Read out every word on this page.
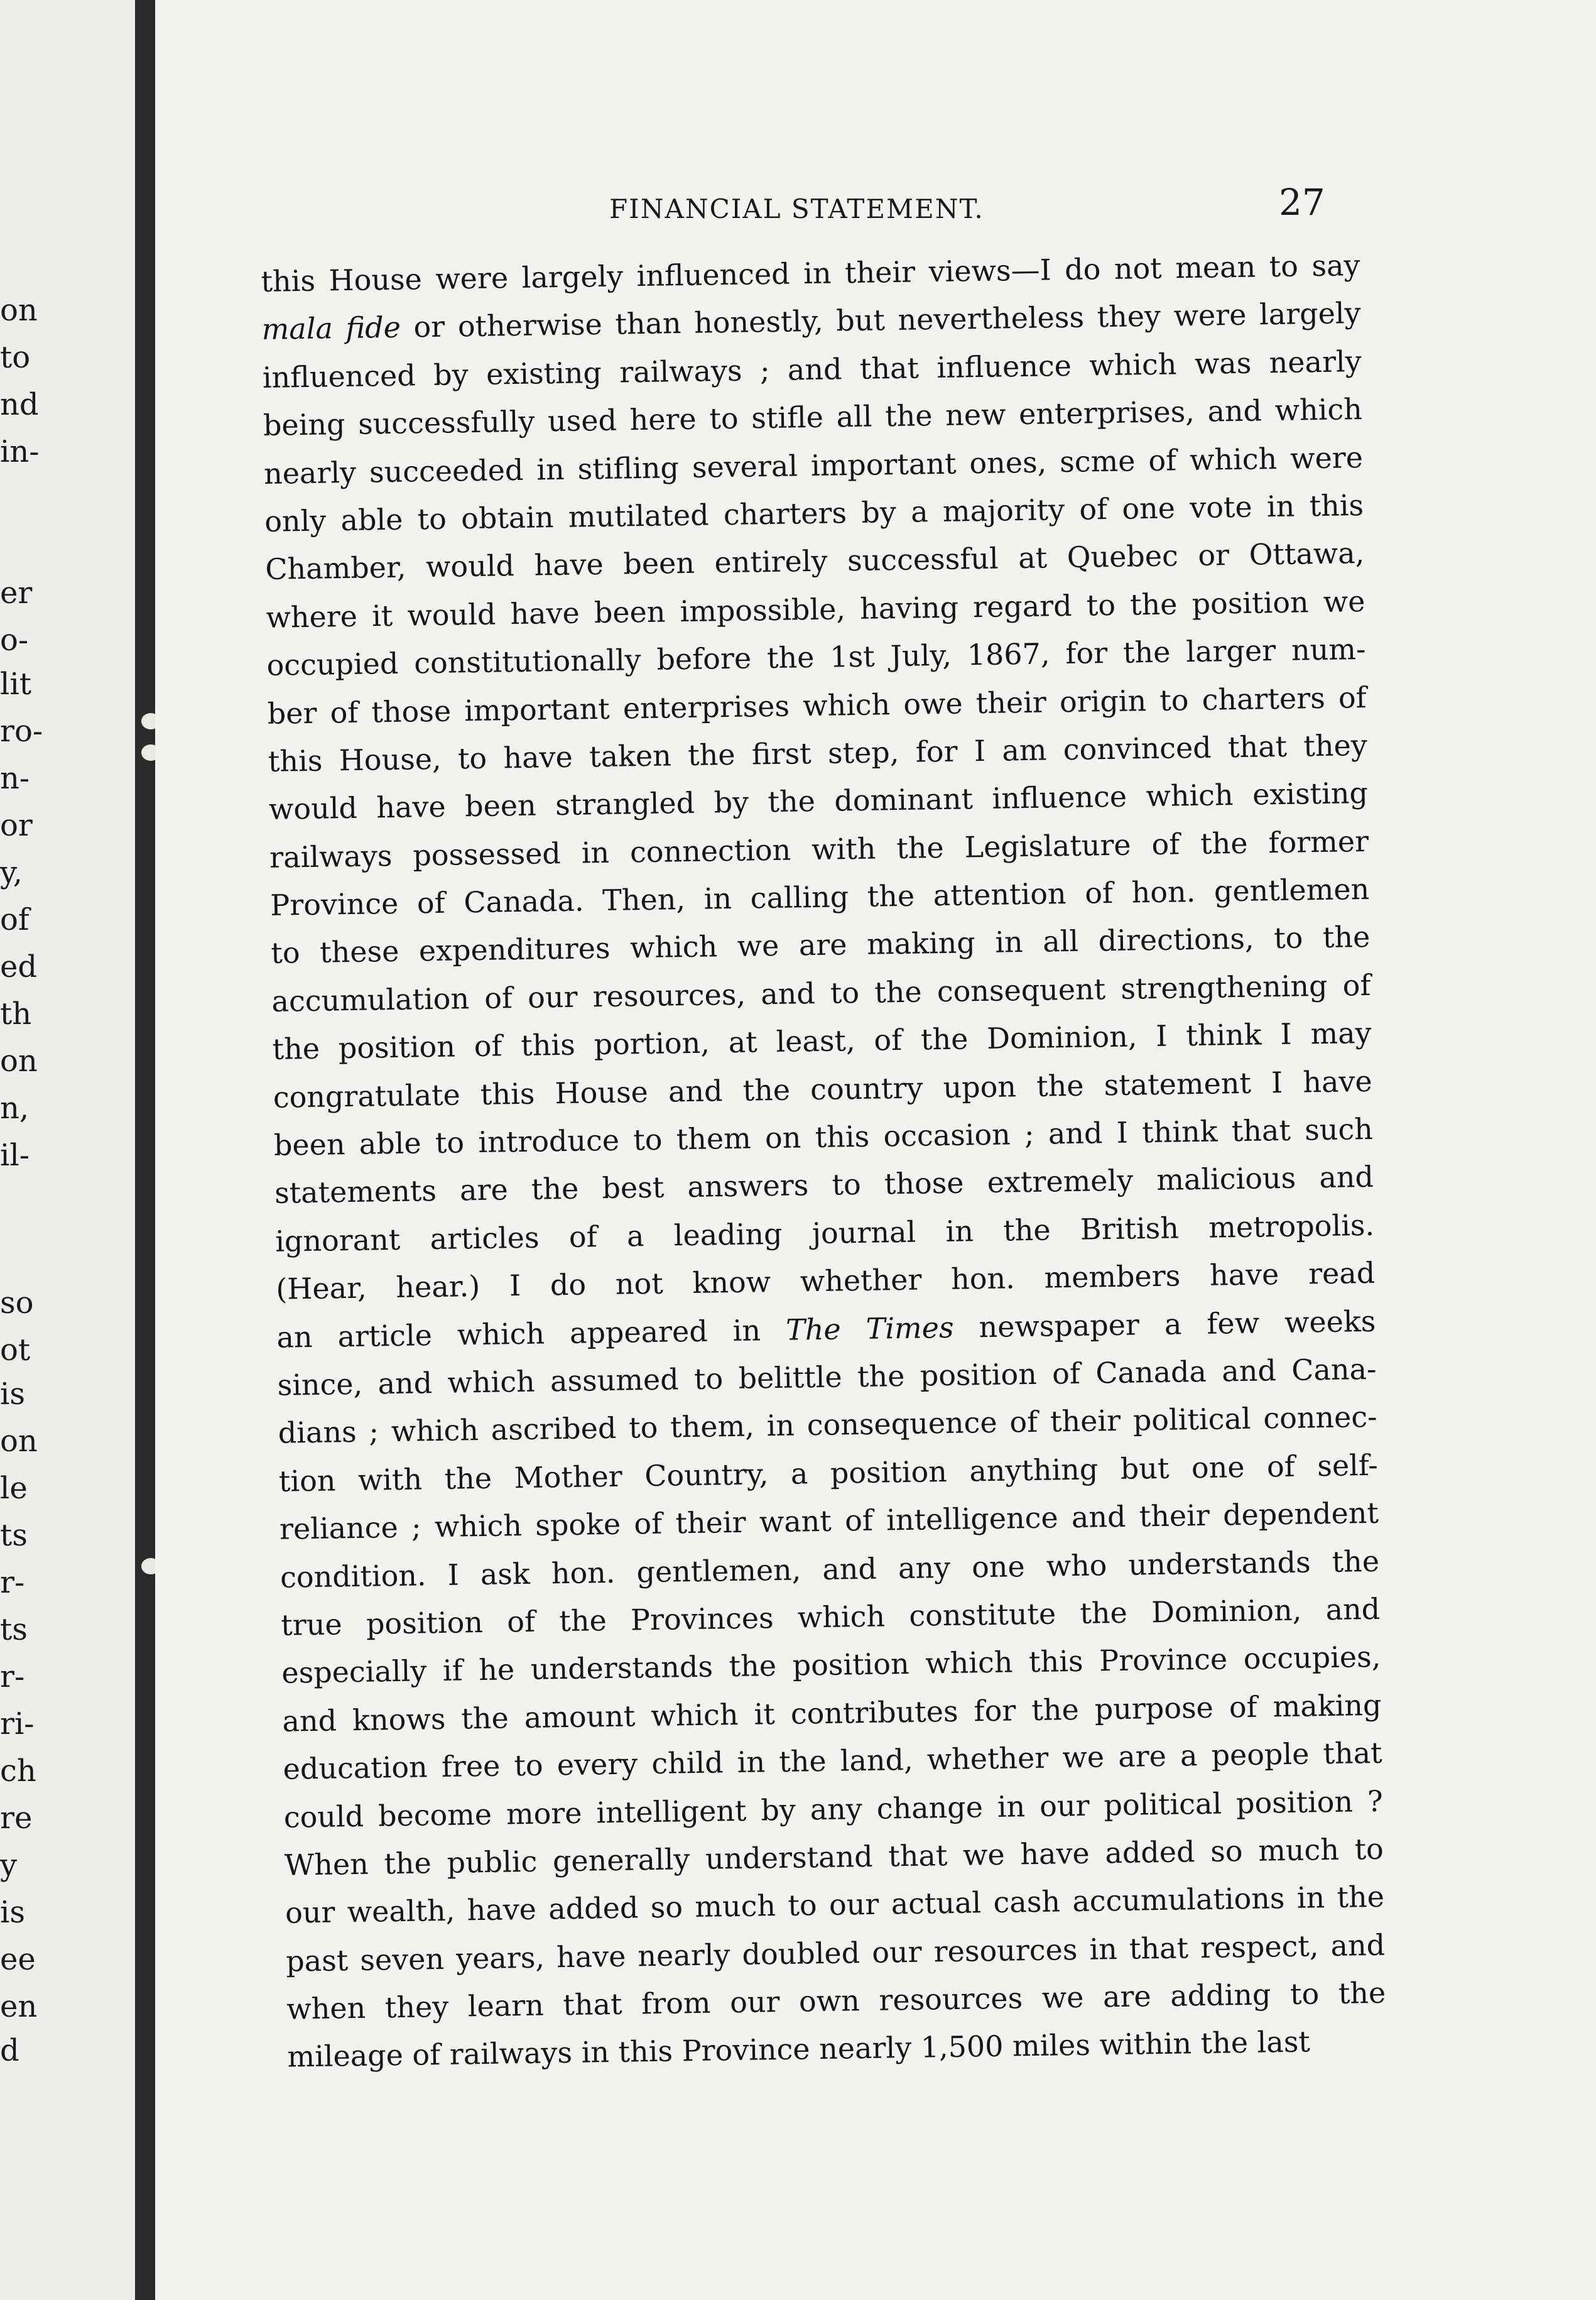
on
to
nd
in-
er
o-
lit
ro-
n-
or
y,
of
ed
th
on
n,
il-
so
ot
is
on
le
ts
r-
ts
r-
ri-
ch
re
y
is
ee
en
d
FINANCIAL STATEMENT.	27
this House were largely influenced in their views—I do not mean to say
mala fide or otherwise than honestly, but nevertheless they were largely
influenced by existing railways ; and that influence which was nearly
being successfully used here to stifle all the new enterprises, and which
nearly succeeded in stifling several important ones, scme of which were
only able to obtain mutilated charters by a majority of one vote in this
Chamber, would have been entirely successful at Quebec or Ottawa,
where it would have been impossible, having regard to the position we
occupied constitutionally before the 1st July, 1867, for the larger num-
ber of those important enterprises which owe their origin to charters of
this House, to have taken the first step, for I am convinced that they
would have been strangled by the dominant influence which existing
railways possessed in connection with the Legislature of the former
Province of Canada. Then, in calling the attention of hon. gentlemen
to these expenditures which we are making in all directions, to the
accumulation of our resources, and to the consequent strengthening of
the position of this portion, at least, of the Dominion, I think I may
congratulate this House and the country upon the statement I have
been able to introduce to them on this occasion ; and I think that such
statements are the best answers to those extremely malicious and
ignorant articles of a leading journal in the British metropolis.
(Hear, hear.) I do not know whether hon. members have read
an article which appeared in The Times newspaper a few weeks
since, and which assumed to belittle the position of Canada and Cana-
dians ; which ascribed to them, in consequence of their political connec-
tion with the Mother Country, a position anything but one of self-
reliance ; which spoke of their want of intelligence and their dependent
condition. I ask hon. gentlemen, and any one who understands the
true position of the Provinces which constitute the Dominion, and
especially if he understands the position which this Province occupies,
and knows the amount which it contributes for the purpose of making
education free to every child in the land, whether we are a people that
could become more intelligent by any change in our political position ?
When the public generally understand that we have added so much to
our wealth, have added so much to our actual cash accumulations in the
past seven years, have nearly doubled our resources in that respect, and
when they learn that from our own resources we are adding to the
mileage of railways in this Province nearly 1,500 miles within the last
